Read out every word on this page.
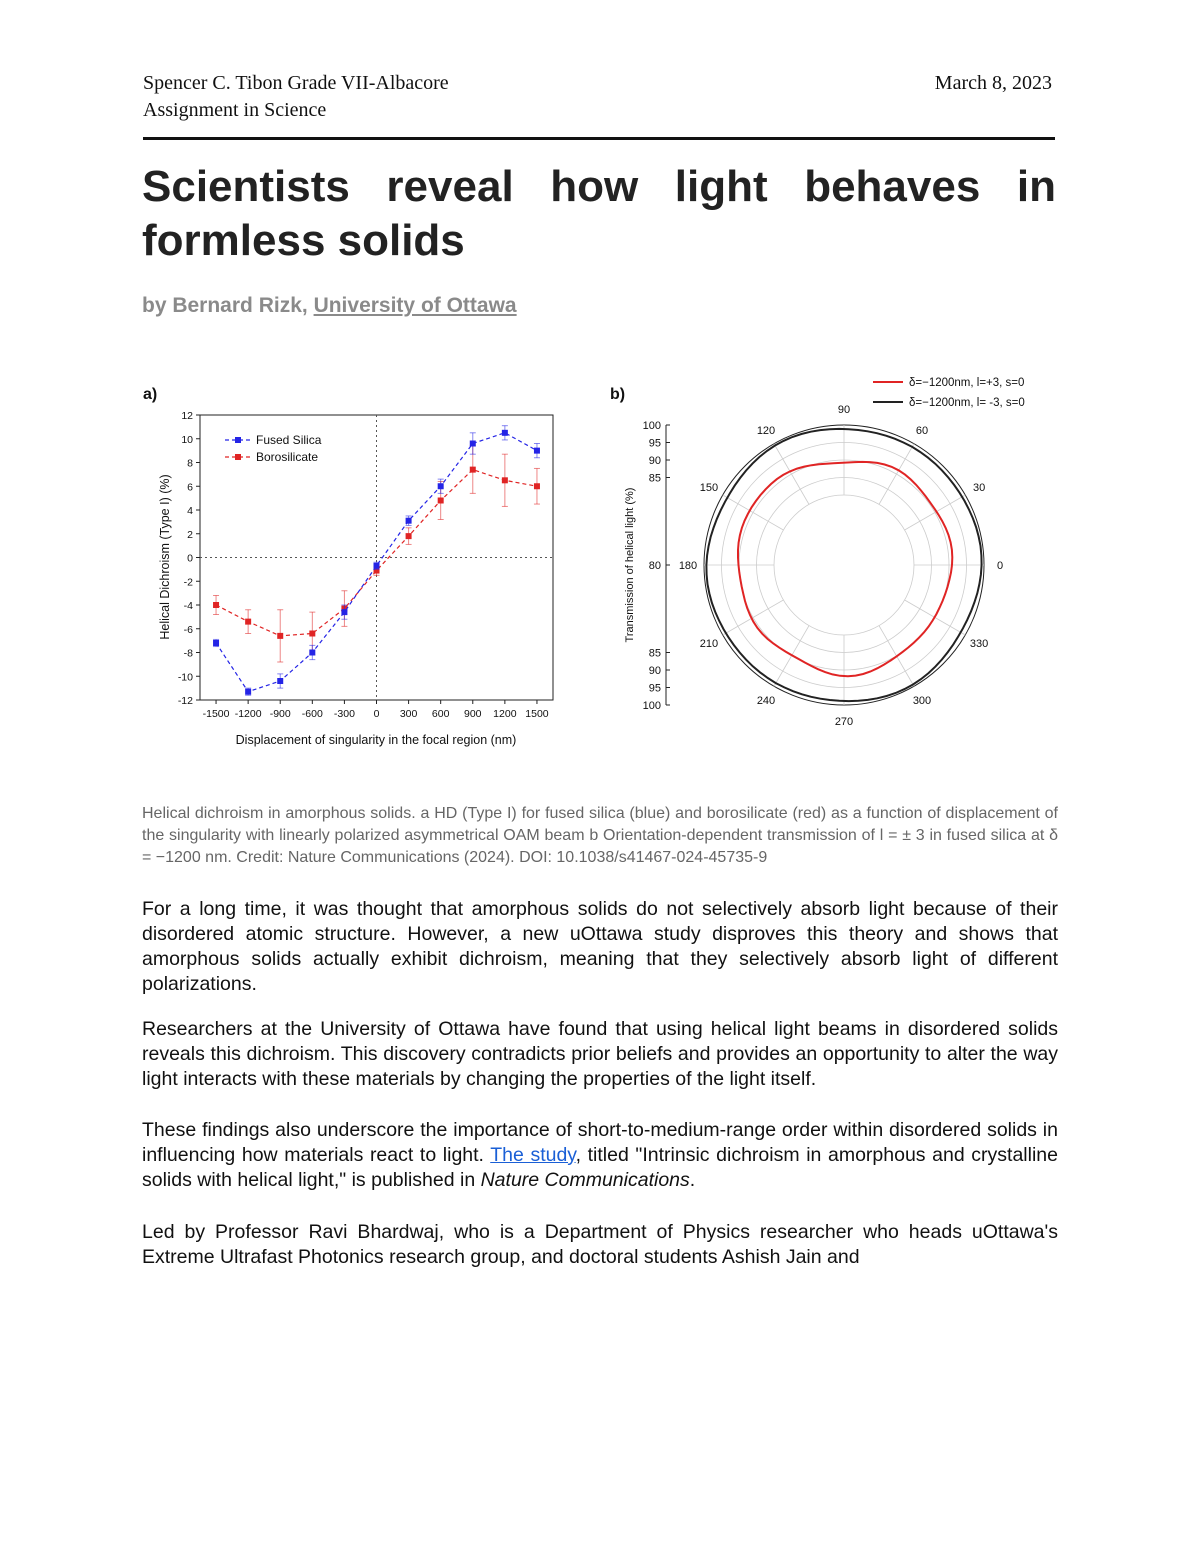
Spencer C. Tibon Grade VII-Albacore
Assignment in Science
March 8, 2023
Scientists reveal how light behaves in formless solids
by Bernard Rizk, University of Ottawa
a)
-12
-10
-8
-6
-4
-2
0
2
4
6
8
10
12
-1500 -1200 -900 -600 -300 0 300 600 900 1200 1500
Fused Silica
Borosilicate
Displacement of singularity in the focal region (nm)
Helical Dichroism (Type I) (%)
b)
0
30
60
90
120
150
180
210
240
270
300
330
100
95
90
85
80
85
90
95
100
δ=−1200nm, l=+3, s=0
δ=−1200nm, l= -3, s=0
Transmission of helical light (%)
Helical dichroism in amorphous solids. a HD (Type I) for fused silica (blue) and borosilicate (red) as a function of displacement of the singularity with linearly polarized asymmetrical OAM beam b Orientation-dependent transmission of l = ± 3 in fused silica at δ = −1200 nm. Credit: Nature Communications (2024). DOI: 10.1038/s41467-024-45735-9

For a long time, it was thought that amorphous solids do not selectively absorb light because of their disordered atomic structure. However, a new uOttawa study disproves this theory and shows that amorphous solids actually exhibit dichroism, meaning that they selectively absorb light of different polarizations.

Researchers at the University of Ottawa have found that using helical light beams in disordered solids reveals this dichroism. This discovery contradicts prior beliefs and provides an opportunity to alter the way light interacts with these materials by changing the properties of the light itself.

These findings also underscore the importance of short-to-medium-range order within disordered solids in influencing how materials react to light. The study, titled "Intrinsic dichroism in amorphous and crystalline solids with helical light," is published in Nature Communications.

Led by Professor Ravi Bhardwaj, who is a Department of Physics researcher who heads uOttawa's Extreme Ultrafast Photonics research group, and doctoral students Ashish Jain and
